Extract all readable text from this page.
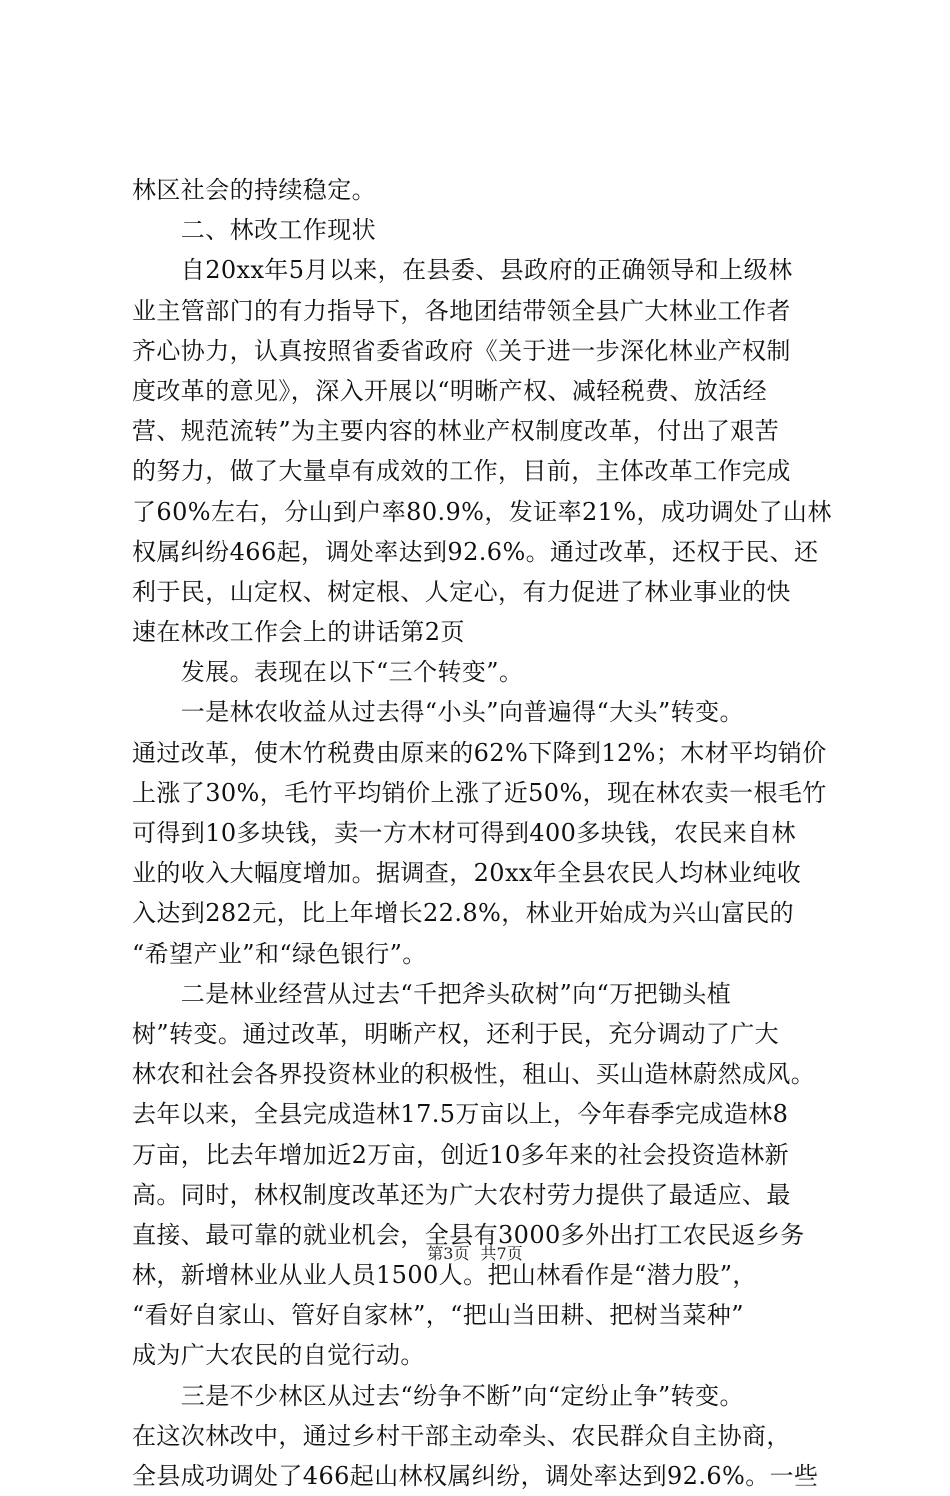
林区社会的持续稳定。
　　二、林改工作现状
　　自20xx年5月以来，在县委、县政府的正确领导和上级林
业主管部门的有力指导下，各地团结带领全县广大林业工作者
齐心协力，认真按照省委省政府《关于进一步深化林业产权制
度改革的意见》，深入开展以“明晰产权、减轻税费、放活经
营、规范流转”为主要内容的林业产权制度改革，付出了艰苦
的努力，做了大量卓有成效的工作，目前，主体改革工作完成
了60%左右，分山到户率80.9%，发证率21%，成功调处了山林
权属纠纷466起，调处率达到92.6%。通过改革，还权于民、还
利于民，山定权、树定根、人定心，有力促进了林业事业的快
速在林改工作会上的讲话第2页
　　发展。表现在以下“三个转变”。
　　一是林农收益从过去得“小头”向普遍得“大头”转变。
通过改革，使木竹税费由原来的62%下降到12%；木材平均销价
上涨了30%，毛竹平均销价上涨了近50%，现在林农卖一根毛竹
可得到10多块钱，卖一方木材可得到400多块钱，农民来自林
业的收入大幅度增加。据调查，20xx年全县农民人均林业纯收
入达到282元，比上年增长22.8%，林业开始成为兴山富民的
“希望产业”和“绿色银行”。
　　二是林业经营从过去“千把斧头砍树”向“万把锄头植
树”转变。通过改革，明晰产权，还利于民，充分调动了广大
林农和社会各界投资林业的积极性，租山、买山造林蔚然成风。
去年以来，全县完成造林17.5万亩以上，今年春季完成造林8
万亩，比去年增加近2万亩，创近10多年来的社会投资造林新
高。同时，林权制度改革还为广大农村劳力提供了最适应、最
直接、最可靠的就业机会，全县有3000多外出打工农民返乡务
林，新增林业从业人员1500人。把山林看作是“潜力股”，
“看好自家山、管好自家林”，“把山当田耕、把树当菜种”
成为广大农民的自觉行动。
　　三是不少林区从过去“纷争不断”向“定纷止争”转变。
在这次林改中，通过乡村干部主动牵头、农民群众自主协商，
全县成功调处了466起山林权属纠纷，调处率达到92.6%。一些
第3页 共7页
